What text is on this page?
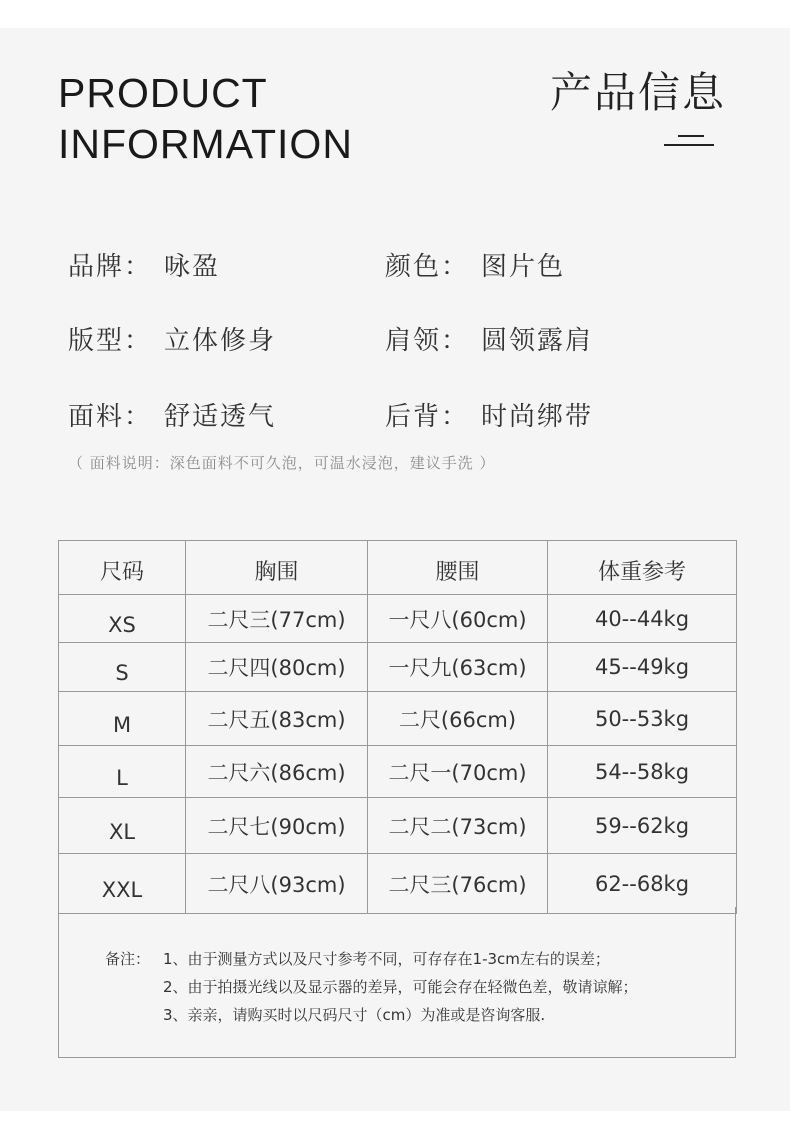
PRODUCT
INFORMATION
产品信息
品牌： 咏盈	颜色： 图片色
版型： 立体修身	肩领： 圆领露肩
面料： 舒适透气	后背： 时尚绑带
（ 面料说明：深色面料不可久泡，可温水浸泡，建议手洗 ）
尺码	胸围	腰围	体重参考
XS	二尺三(77cm)	一尺八(60cm)	40--44kg
S	二尺四(80cm)	一尺九(63cm)	45--49kg
M	二尺五(83cm)	二尺(66cm)	50--53kg
L	二尺六(86cm)	二尺一(70cm)	54--58kg
XL	二尺七(90cm)	二尺二(73cm)	59--62kg
XXL	二尺八(93cm)	二尺三(76cm)	62--68kg
备注： 1、由于测量方式以及尺寸参考不同，可存存在1-3cm左右的误差；
2、由于拍摄光线以及显示器的差异，可能会存在轻微色差，敬请谅解；
3、亲亲，请购买时以尺码尺寸（cm）为准或是咨询客服.
